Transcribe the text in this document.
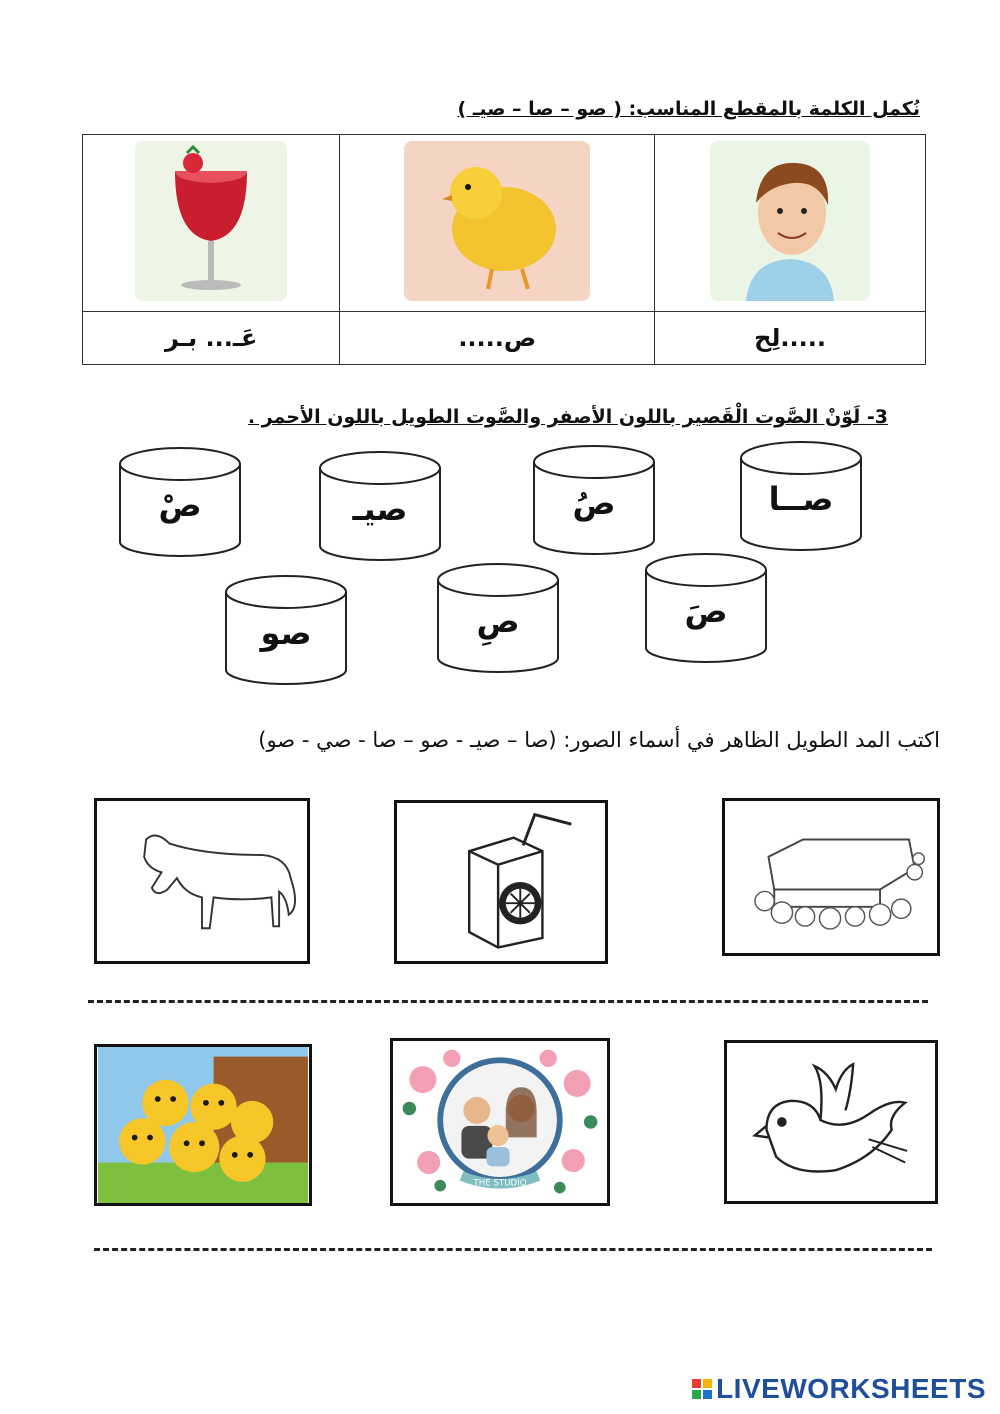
نُكمل الكلمة بالمقطع المناسب: ( صو – صا – صيـ )

عَـ... بـر	ص.....	.....لِح
3- لَوّنْ الصَّوت الْقَصير باللون الأصفر والصَّوت الطويل باللون الأحمر .
صْ	صيـ	صُ	صــا
صو	صِ	صَ
اكتب المد الطويل الظاهر في أسماء الصور: (صا – صيـ - صو – صا - صي - صو)
THE STUDIO
LIVEWORKSHEETS
